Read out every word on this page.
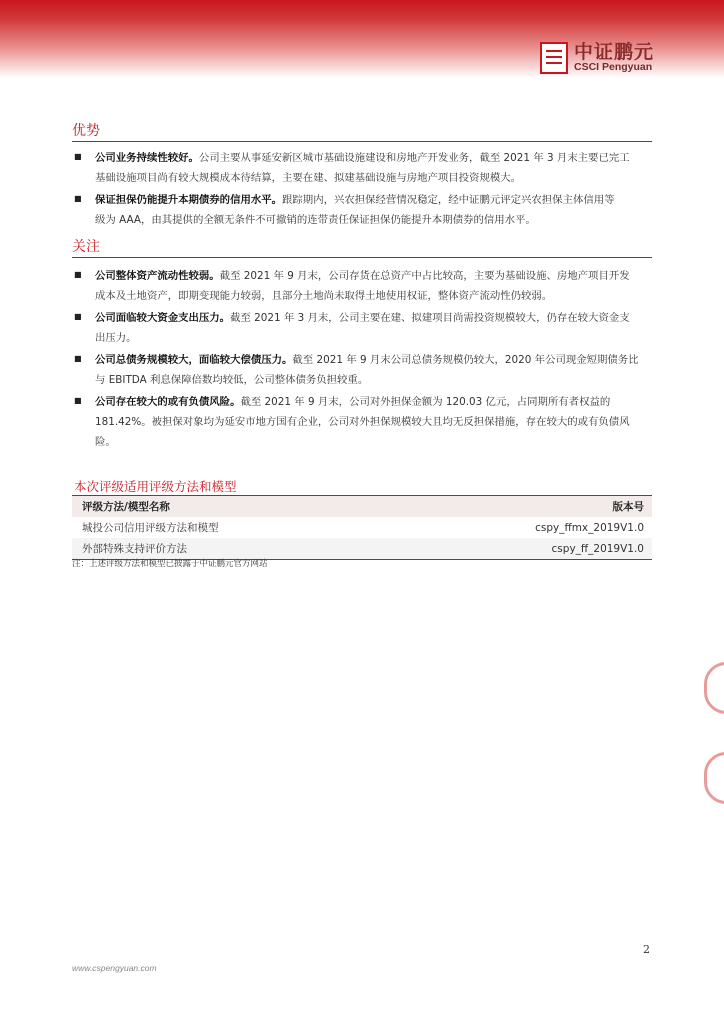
中证鹏元
CSCI Pengyuan
优势
■ 公司业务持续性较好。公司主要从事延安新区城市基础设施建设和房地产开发业务，截至 2021 年 3 月末主要已完工
基础设施项目尚有较大规模成本待结算，主要在建、拟建基础设施与房地产项目投资规模大。
■ 保证担保仍能提升本期债券的信用水平。跟踪期内，兴农担保经营情况稳定，经中证鹏元评定兴农担保主体信用等
级为 AAA，由其提供的全额无条件不可撤销的连带责任保证担保仍能提升本期债券的信用水平。
关注
■ 公司整体资产流动性较弱。截至 2021 年 9 月末，公司存货在总资产中占比较高，主要为基础设施、房地产项目开发
成本及土地资产，即期变现能力较弱，且部分土地尚未取得土地使用权证，整体资产流动性仍较弱。
■ 公司面临较大资金支出压力。截至 2021 年 3 月末，公司主要在建、拟建项目尚需投资规模较大，仍存在较大资金支
出压力。
■ 公司总债务规模较大，面临较大偿债压力。截至 2021 年 9 月末公司总债务规模仍较大，2020 年公司现金短期债务比
与 EBITDA 利息保障倍数均较低，公司整体债务负担较重。
■ 公司存在较大的或有负债风险。截至 2021 年 9 月末，公司对外担保金额为 120.03 亿元，占同期所有者权益的
181.42%。被担保对象均为延安市地方国有企业，公司对外担保规模较大且均无反担保措施，存在较大的或有负债风
险。
本次评级适用评级方法和模型
评级方法/模型名称	版本号
城投公司信用评级方法和模型	cspy_ffmx_2019V1.0
外部特殊支持评价方法	cspy_ff_2019V1.0
注：上述评级方法和模型已披露于中证鹏元官方网站
2
www.cspengyuan.com
